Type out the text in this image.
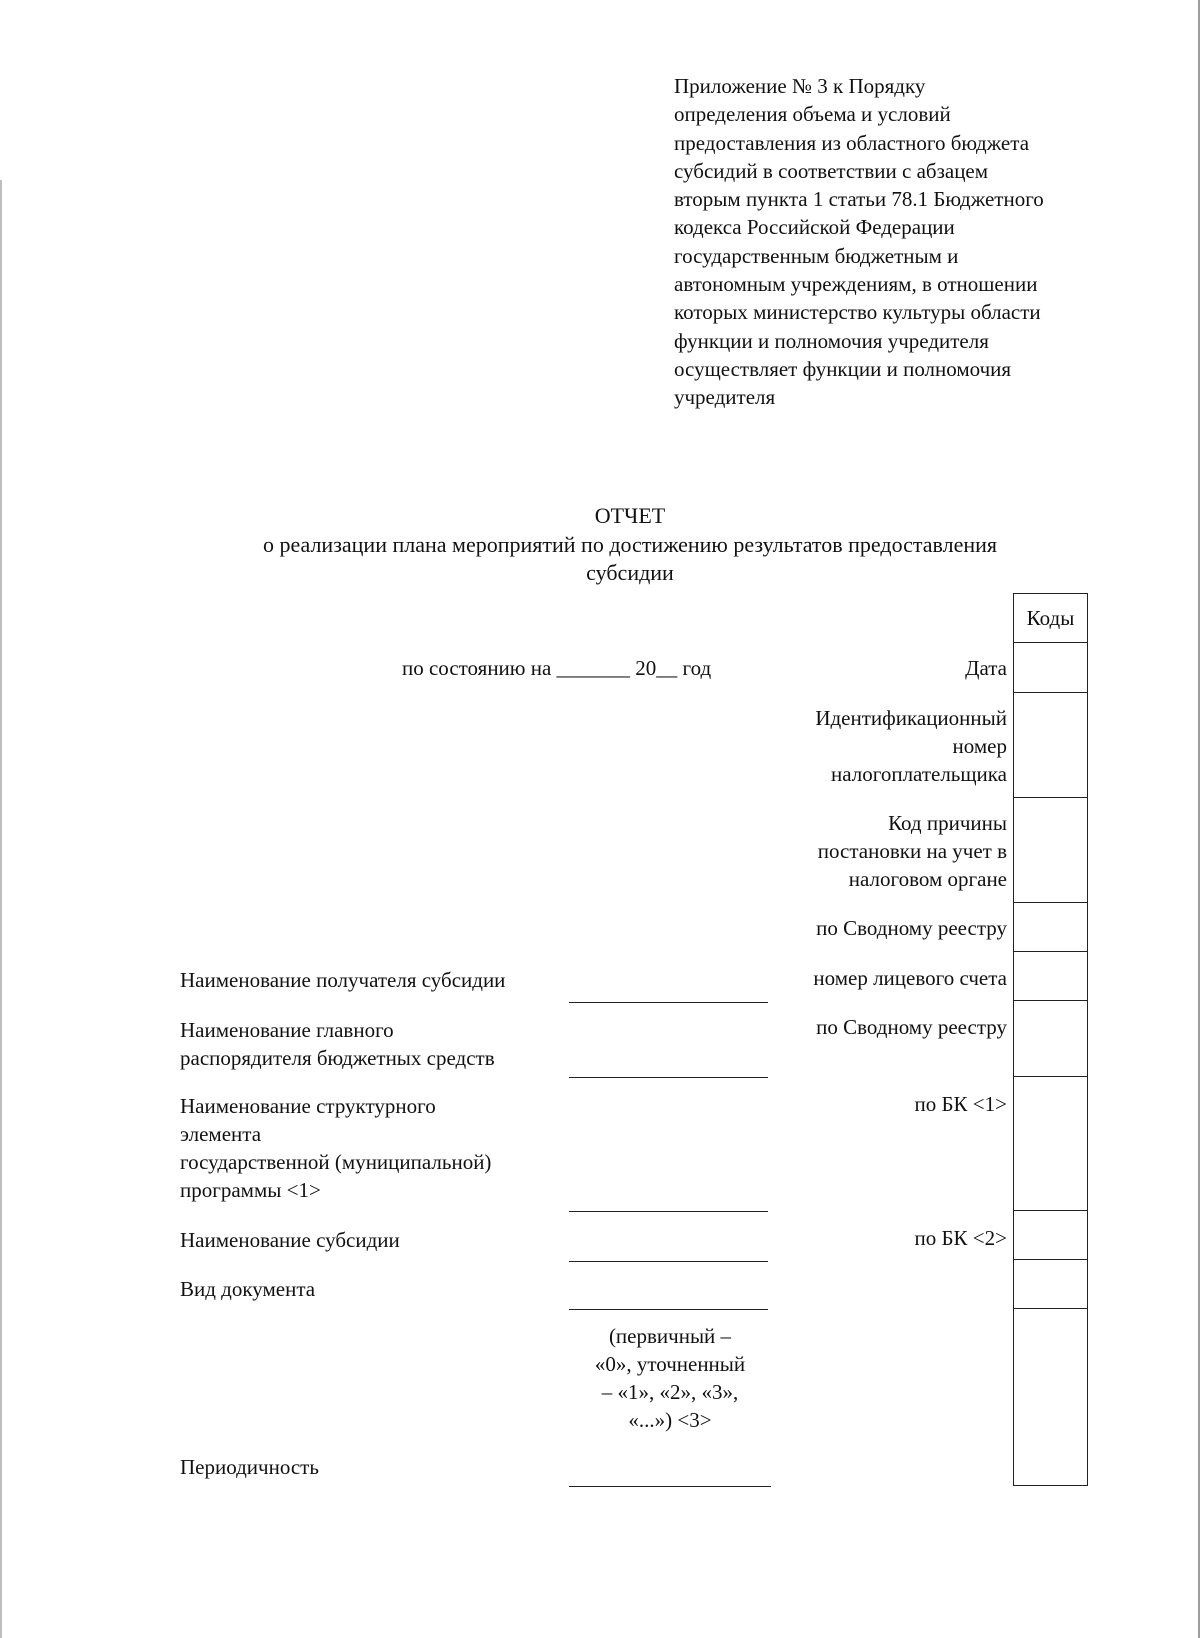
Приложение № 3 к Порядку
определения объема и условий
предоставления из областного бюджета
субсидий в соответствии с абзацем
вторым пункта 1 статьи 78.1 Бюджетного
кодекса Российской Федерации
государственным бюджетным и
автономным учреждениям, в отношении
которых министерство культуры области
функции и полномочия учредителя
осуществляет функции и полномочия
учредителя

ОТЧЕТ

о реализации плана мероприятий по достижению результатов предоставления
субсидии

Коды

по состоянию на _______ 20__ год	Дата

Идентификационный
номер
налогоплательщика

Код причины
постановки на учет в
налоговом органе

по Сводному реестру

номер лицевого счета

по Сводному реестру

по БК <1>

по БК <2>

Наименование получателя субсидии

Наименование главного
распорядителя бюджетных средств

Наименование структурного
элемента
государственной (муниципальной)
программы <1>

Наименование субсидии

Вид документа

(первичный –
«0», уточненный
– «1», «2», «3»,
«...») <3>

Периодичность
